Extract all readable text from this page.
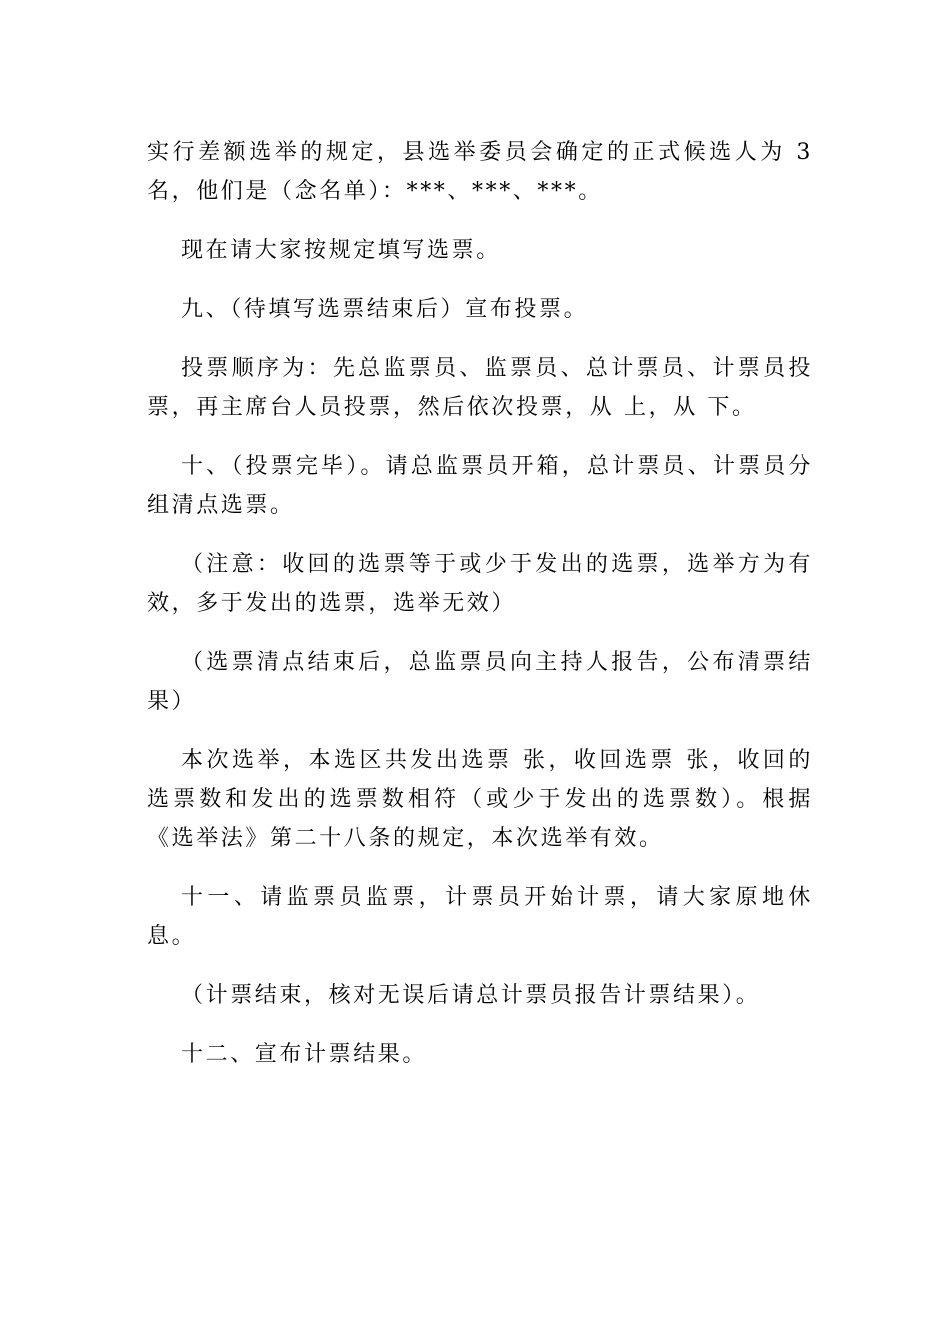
实行差额选举的规定，县选举委员会确定的正式候选人为 3 名，他们是（念名单）：***、***、***。

现在请大家按规定填写选票。

九、（待填写选票结束后）宣布投票。

投票顺序为：先总监票员、监票员、总计票员、计票员投票，再主席台人员投票，然后依次投票，从 上，从 下。

十、（投票完毕）。请总监票员开箱，总计票员、计票员分组清点选票。

（注意：收回的选票等于或少于发出的选票，选举方为有效，多于发出的选票，选举无效）

（选票清点结束后，总监票员向主持人报告，公布清票结果）

本次选举，本选区共发出选票 张，收回选票 张，收回的选票数和发出的选票数相符（或少于发出的选票数）。根据《选举法》第二十八条的规定，本次选举有效。

十一、请监票员监票，计票员开始计票，请大家原地休息。

（计票结束，核对无误后请总计票员报告计票结果）。

十二、宣布计票结果。
